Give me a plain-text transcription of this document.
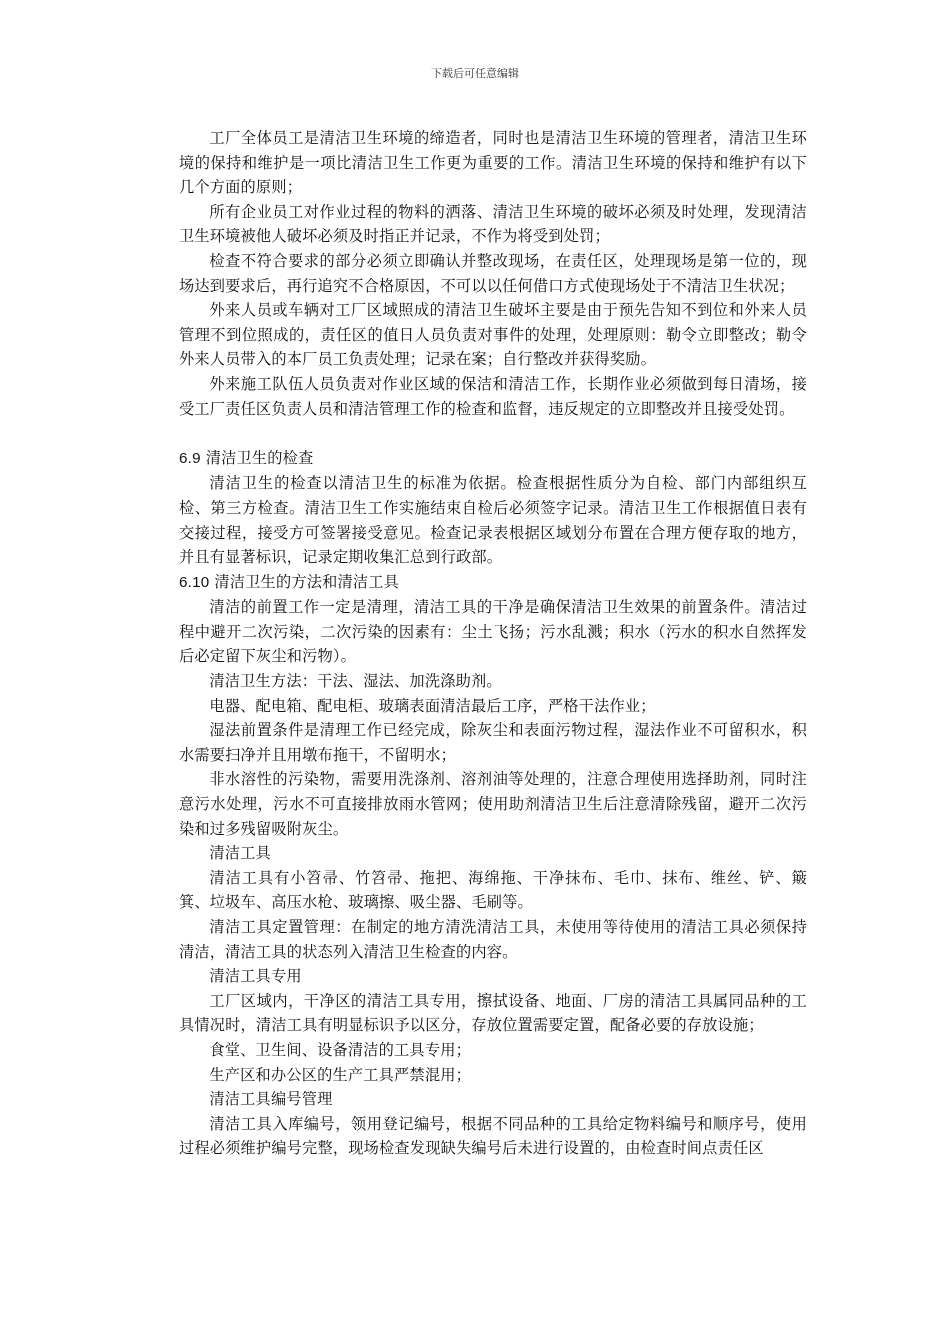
下载后可任意编辑

工厂全体员工是清洁卫生环境的缔造者，同时也是清洁卫生环境的管理者，清洁卫生环境的保持和维护是一项比清洁卫生工作更为重要的工作。清洁卫生环境的保持和维护有以下几个方面的原则；

所有企业员工对作业过程的物料的洒落、清洁卫生环境的破坏必须及时处理，发现清洁卫生环境被他人破坏必须及时指正并记录，不作为将受到处罚；

检查不符合要求的部分必须立即确认并整改现场，在责任区，处理现场是第一位的，现场达到要求后，再行追究不合格原因，不可以以任何借口方式使现场处于不清洁卫生状况；

外来人员或车辆对工厂区域照成的清洁卫生破坏主要是由于预先告知不到位和外来人员管理不到位照成的，责任区的值日人员负责对事件的处理，处理原则：勒令立即整改；勒令外来人员带入的本厂员工负责处理；记录在案；自行整改并获得奖励。

外来施工队伍人员负责对作业区域的保洁和清洁工作，长期作业必须做到每日清场，接受工厂责任区负责人员和清洁管理工作的检查和监督，违反规定的立即整改并且接受处罚。

6.9 清洁卫生的检查

清洁卫生的检查以清洁卫生的标准为依据。检查根据性质分为自检、部门内部组织互检、第三方检查。清洁卫生工作实施结束自检后必须签字记录。清洁卫生工作根据值日表有交接过程，接受方可签署接受意见。检查记录表根据区域划分布置在合理方便存取的地方，并且有显著标识，记录定期收集汇总到行政部。

6.10 清洁卫生的方法和清洁工具

清洁的前置工作一定是清理，清洁工具的干净是确保清洁卫生效果的前置条件。清洁过程中避开二次污染，二次污染的因素有：尘土飞扬；污水乱溅；积水（污水的积水自然挥发后必定留下灰尘和污物）。

清洁卫生方法：干法、湿法、加洗涤助剂。

电器、配电箱、配电柜、玻璃表面清洁最后工序，严格干法作业；

湿法前置条件是清理工作已经完成，除灰尘和表面污物过程，湿法作业不可留积水，积水需要扫净并且用墩布拖干，不留明水；

非水溶性的污染物，需要用洗涤剂、溶剂油等处理的，注意合理使用选择助剂，同时注意污水处理，污水不可直接排放雨水管网；使用助剂清洁卫生后注意清除残留，避开二次污染和过多残留吸附灰尘。

清洁工具

清洁工具有小笤帚、竹笤帚、拖把、海绵拖、干净抹布、毛巾、抹布、维丝、铲、簸箕、垃圾车、高压水枪、玻璃擦、吸尘器、毛刷等。

清洁工具定置管理：在制定的地方清洗清洁工具，未使用等待使用的清洁工具必须保持清洁，清洁工具的状态列入清洁卫生检查的内容。

清洁工具专用

工厂区域内，干净区的清洁工具专用，擦拭设备、地面、厂房的清洁工具属同品种的工具情况时，清洁工具有明显标识予以区分，存放位置需要定置，配备必要的存放设施；

食堂、卫生间、设备清洁的工具专用；

生产区和办公区的生产工具严禁混用；

清洁工具编号管理

清洁工具入库编号，领用登记编号，根据不同品种的工具给定物料编号和顺序号，使用过程必须维护编号完整，现场检查发现缺失编号后未进行设置的，由检查时间点责任区
